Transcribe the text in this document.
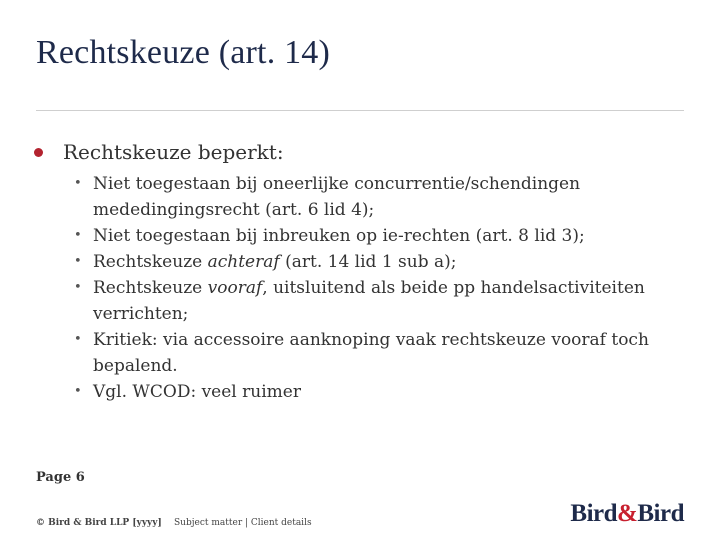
Rechtskeuze (art. 14)
Rechtskeuze beperkt:
• Niet toegestaan bij oneerlijke concurrentie/schendingen mededingingsrecht (art. 6 lid 4);
• Niet toegestaan bij inbreuken op ie-rechten (art. 8 lid 3);
• Rechtskeuze achteraf (art. 14 lid 1 sub a);
• Rechtskeuze vooraf, uitsluitend als beide pp handelsactiviteiten verrichten;
• Kritiek: via accessoire aanknoping vaak rechtskeuze vooraf toch bepalend.
• Vgl. WCOD: veel ruimer
Page 6
© Bird & Bird LLP [yyyy] Subject matter | Client details	Bird&Bird
